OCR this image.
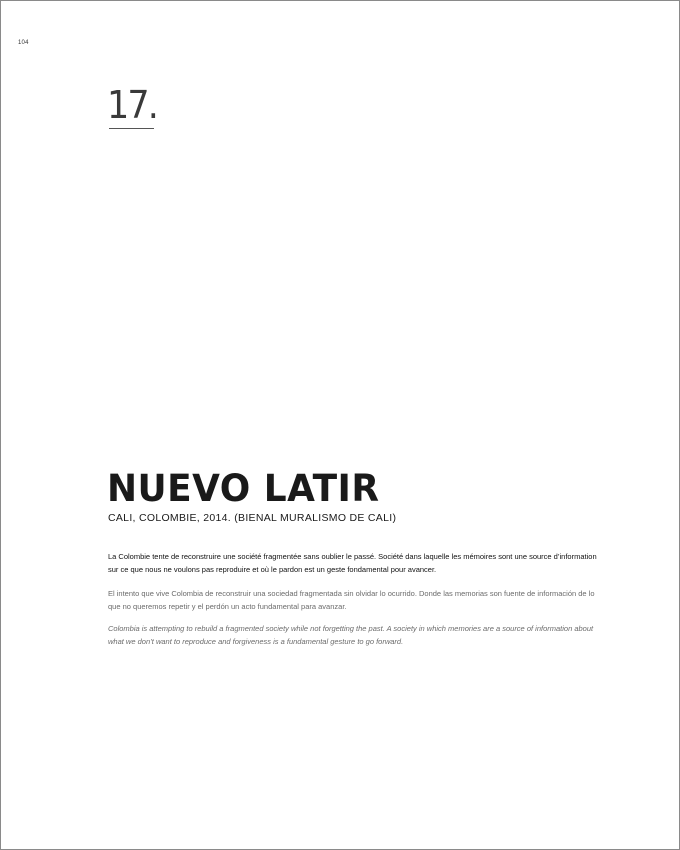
104
17.
NUEVO LATIR
CALI, COLOMBIE, 2014. (BIENAL MURALISMO DE CALI)

La Colombie tente de reconstruire une société fragmentée sans oublier le passé. Société dans laquelle les mémoires sont une source d’information sur ce que nous ne voulons pas reproduire et où le pardon est un geste fondamental pour avancer.

El intento que vive Colombia de reconstruir una sociedad fragmentada sin olvidar lo ocurrido. Donde las memorias son fuente de información de lo que no queremos repetir y el perdón un acto fundamental para avanzar.

Colombia is attempting to rebuild a fragmented society while not forgetting the past. A society in which memories are a source of information about what we don’t want to reproduce and forgiveness is a fundamental gesture to go forward.
